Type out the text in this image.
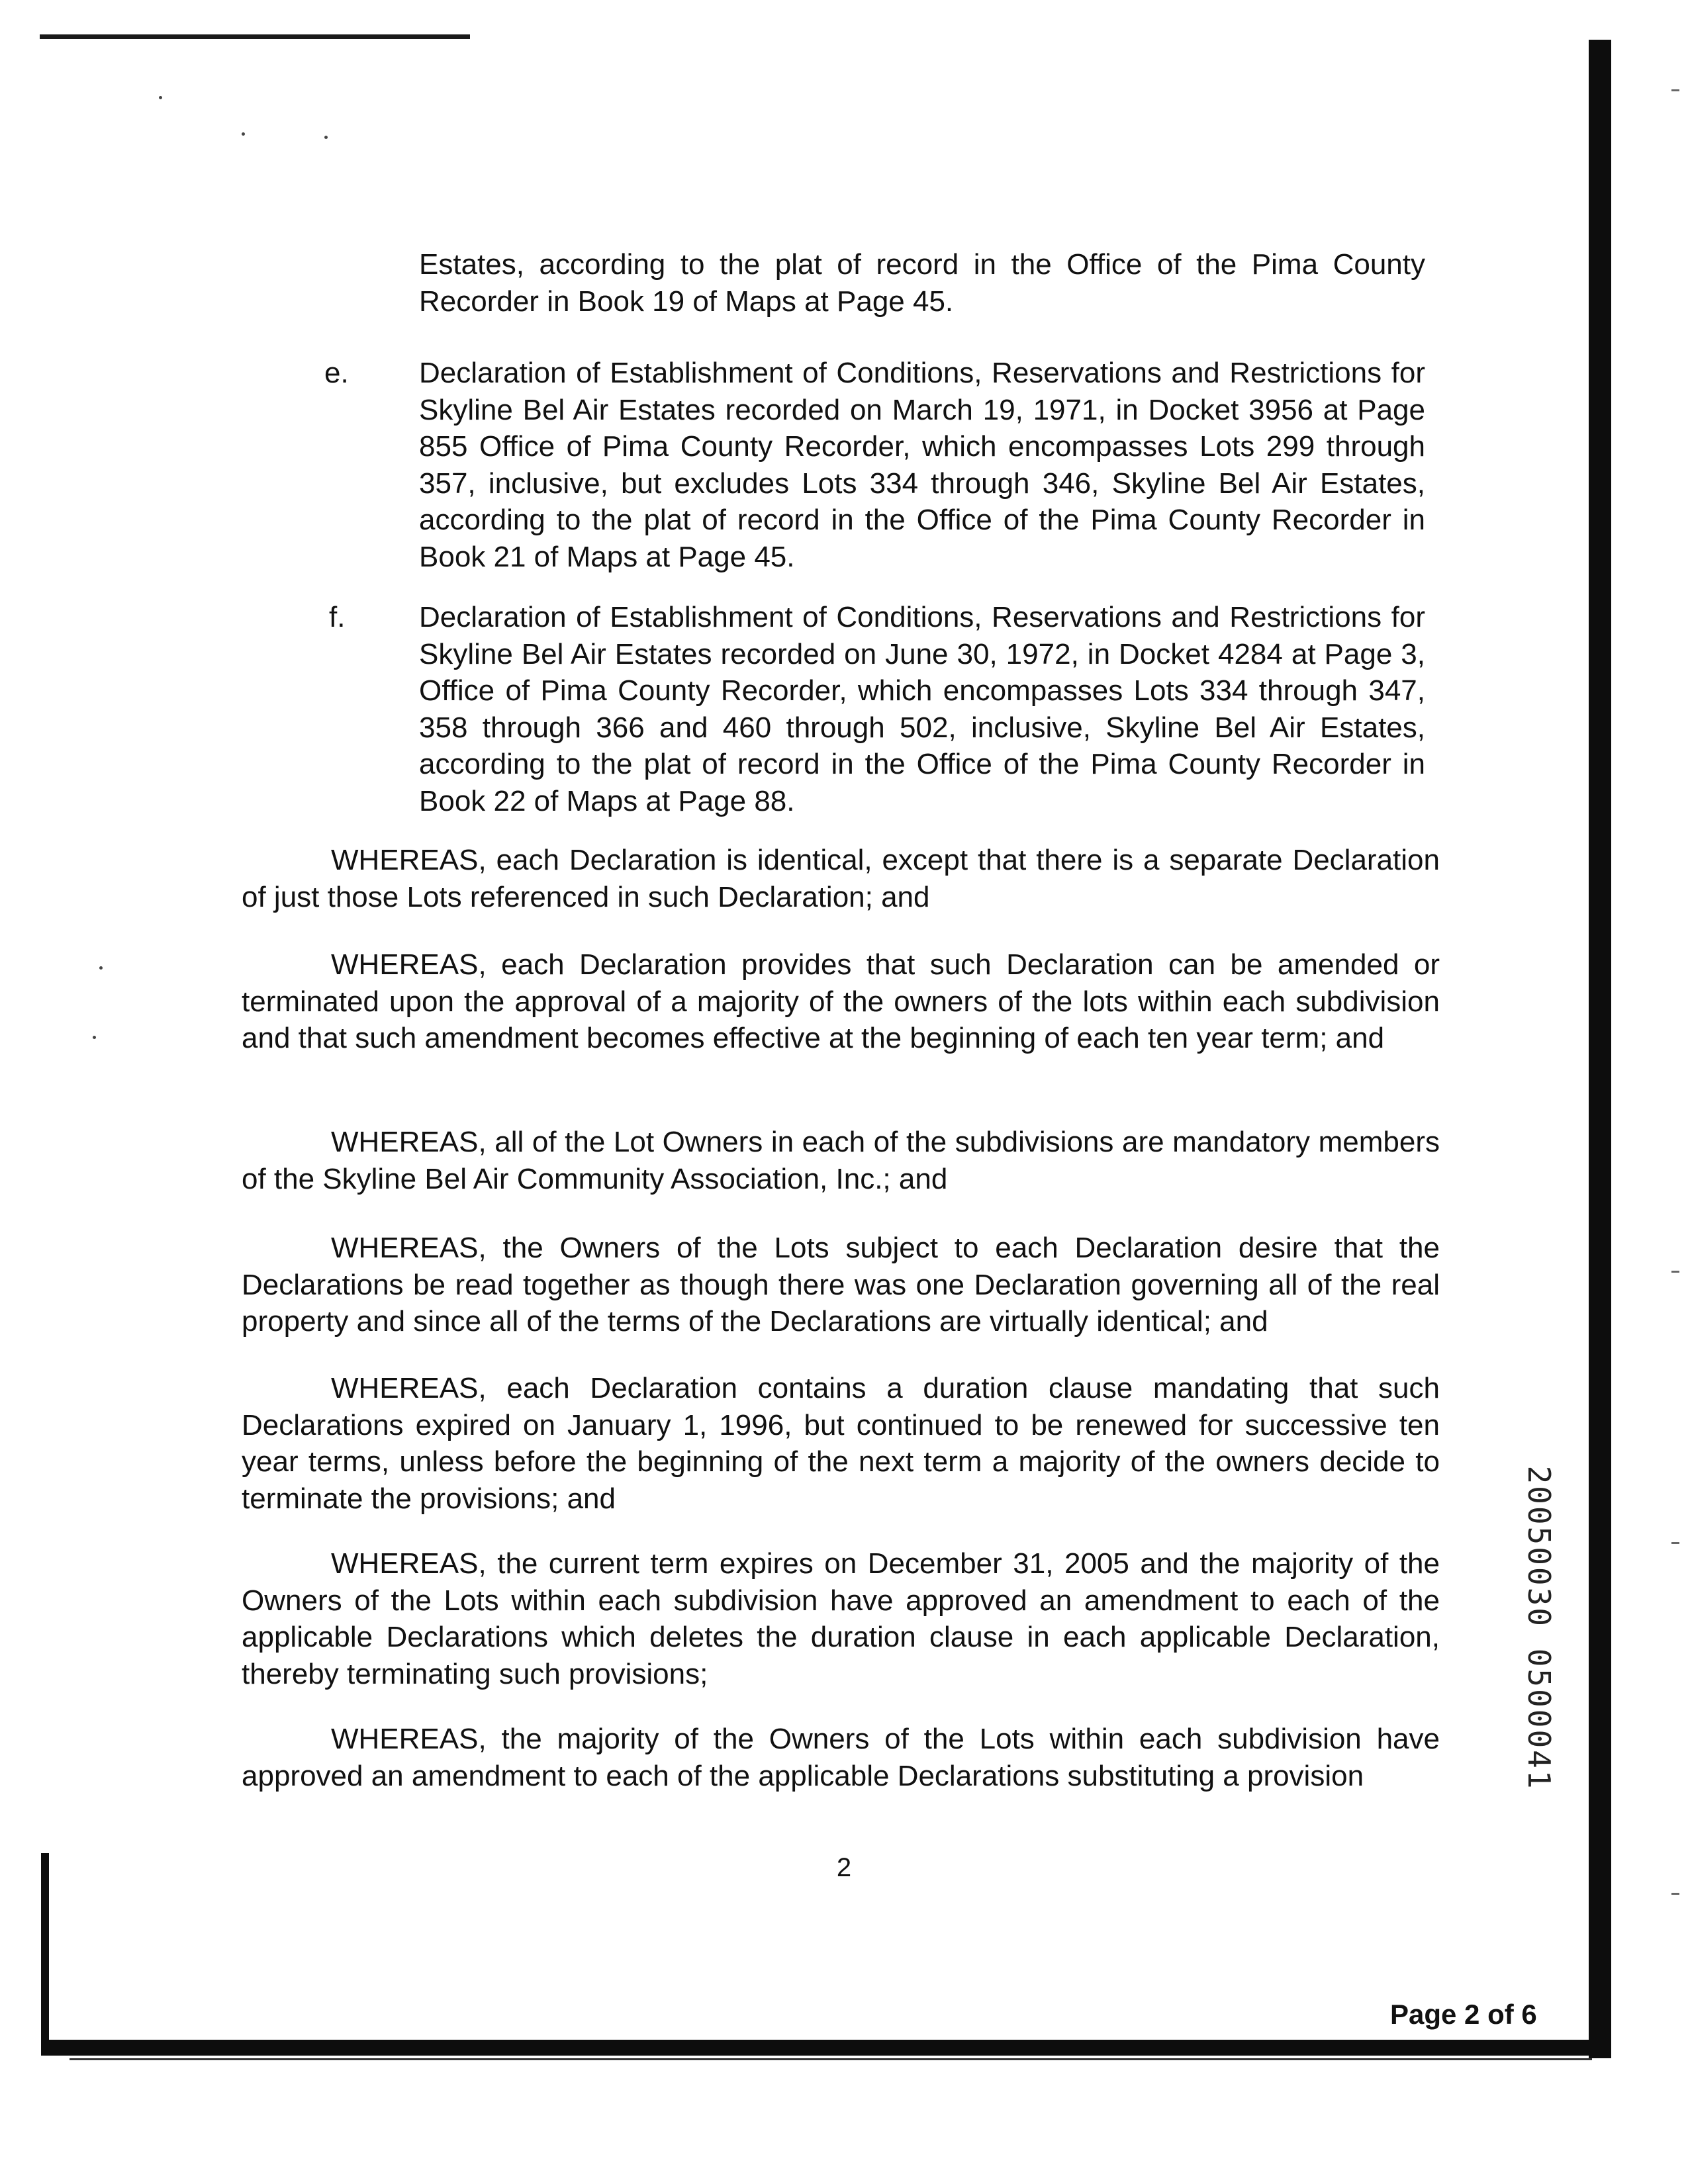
Estates, according to the plat of record in the Office of the Pima County Recorder in Book 19 of Maps at Page 45.

e. Declaration of Establishment of Conditions, Reservations and Restrictions for Skyline Bel Air Estates recorded on March 19, 1971, in Docket 3956 at Page 855 Office of Pima County Recorder, which encompasses Lots 299 through 357, inclusive, but excludes Lots 334 through 346, Skyline Bel Air Estates, according to the plat of record in the Office of the Pima County Recorder in Book 21 of Maps at Page 45.

f.	Declaration of Establishment of Conditions, Reservations and Restrictions for Skyline Bel Air Estates recorded on June 30, 1972, in Docket 4284 at Page 3, Office of Pima County Recorder, which encompasses Lots 334 through 347, 358 through 366 and 460 through 502, inclusive, Skyline Bel Air Estates, according to the plat of record in the Office of the Pima County Recorder in Book 22 of Maps at Page 88.

WHEREAS, each Declaration is identical, except that there is a separate Declaration of just those Lots referenced in such Declaration; and

WHEREAS, each Declaration provides that such Declaration can be amended or terminated upon the approval of a majority of the owners of the lots within each subdivision and that such amendment becomes effective at the beginning of each ten year term; and

WHEREAS, all of the Lot Owners in each of the subdivisions are mandatory members of the Skyline Bel Air Community Association, Inc.; and

WHEREAS, the Owners of the Lots subject to each Declaration desire that the Declarations be read together as though there was one Declaration governing all of the real property and since all of the terms of the Declarations are virtually identical; and

WHEREAS, each Declaration contains a duration clause mandating that such Declarations expired on January 1, 1996, but continued to be renewed for successive ten year terms, unless before the beginning of the next term a majority of the owners decide to terminate the provisions; and

WHEREAS, the current term expires on December 31, 2005 and the majority of the Owners of the Lots within each subdivision have approved an amendment to each of the applicable Declarations which deletes the duration clause in each applicable Declaration, thereby terminating such provisions;

WHEREAS, the majority of the Owners of the Lots within each subdivision have approved an amendment to each of the applicable Declarations substituting a provision

2
Page 2 of 6
20050030 0500041
